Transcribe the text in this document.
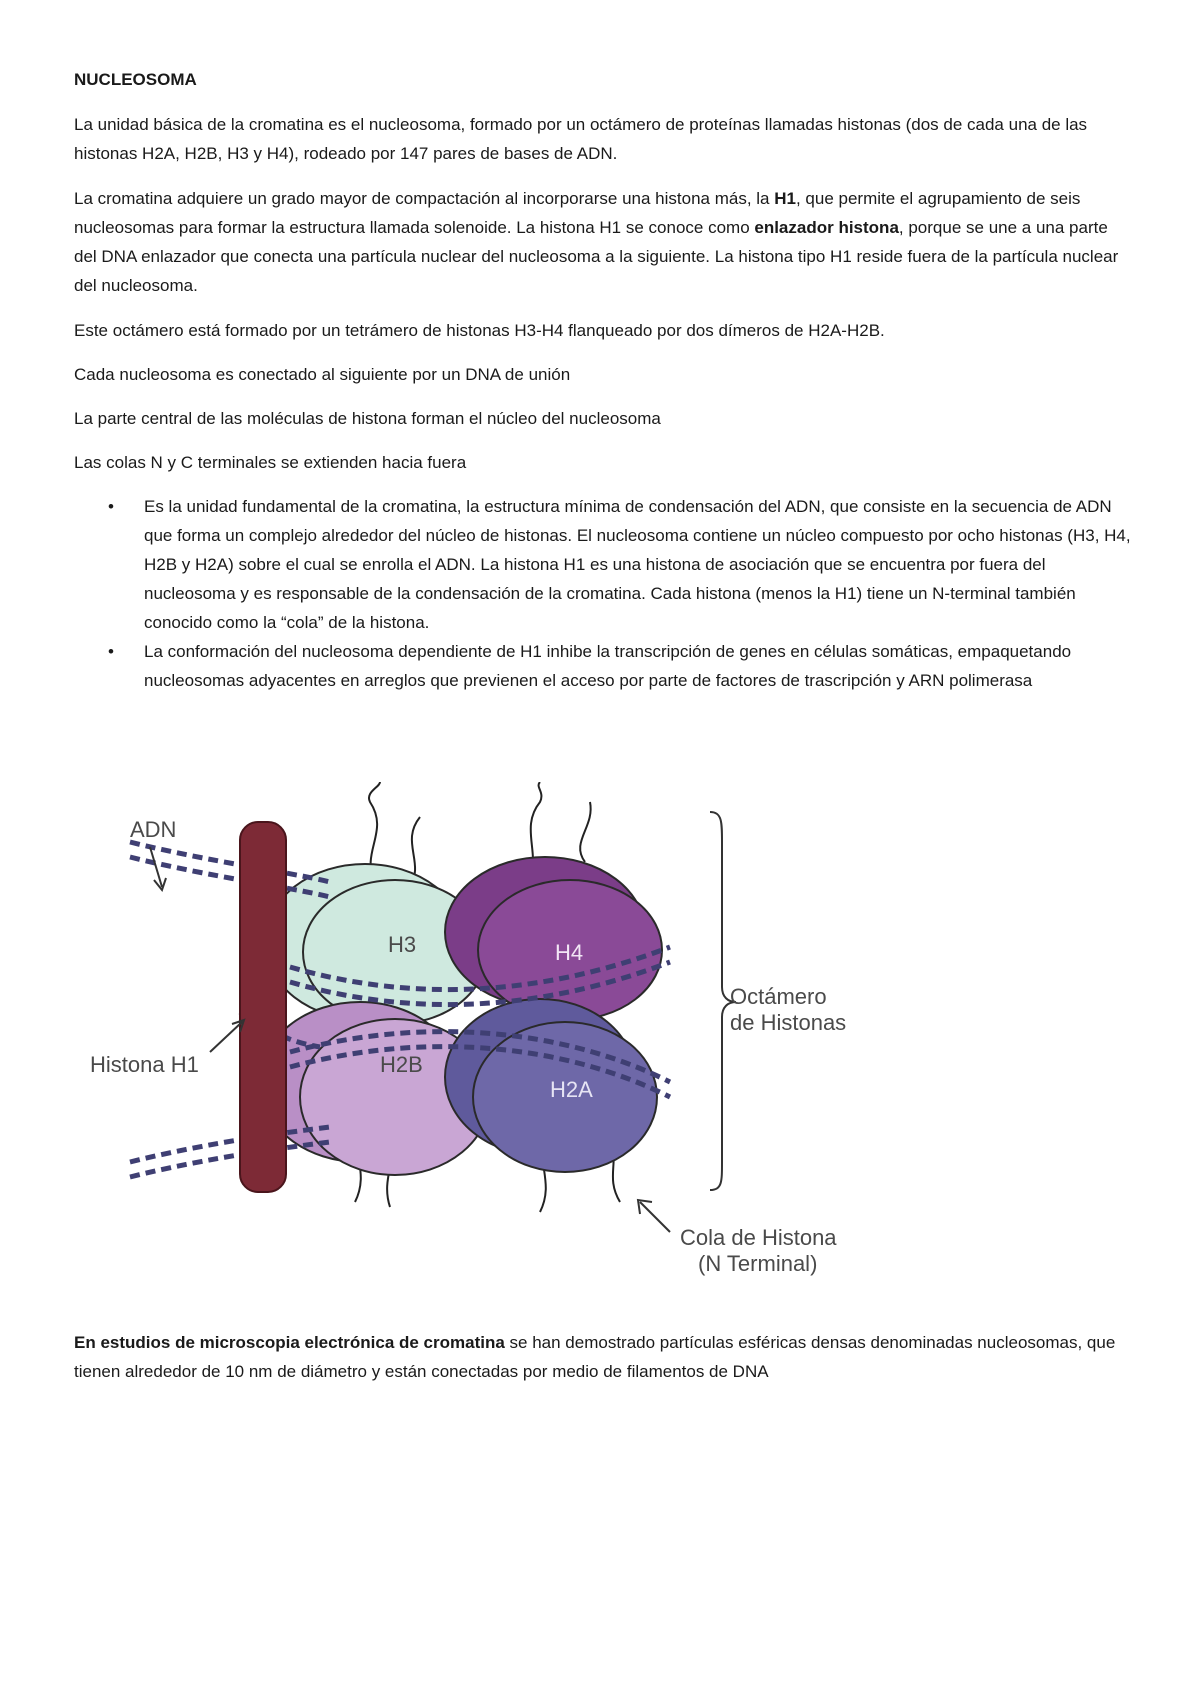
NUCLEOSOMA

La unidad básica de la cromatina es el nucleosoma, formado por un octámero de proteínas llamadas histonas (dos de cada una de las histonas H2A, H2B, H3 y H4), rodeado por 147 pares de bases de ADN.

La cromatina adquiere un grado mayor de compactación al incorporarse una histona más, la H1, que permite el agrupamiento de seis nucleosomas para formar la estructura llamada solenoide. La histona H1 se conoce como enlazador histona, porque se une a una parte del DNA enlazador que conecta una partícula nuclear del nucleosoma a la siguiente. La histona tipo H1 reside fuera de la partícula nuclear del nucleosoma.

Este octámero está formado por un tetrámero de histonas H3-H4 flanqueado por dos dímeros de H2A-H2B.

Cada nucleosoma es conectado al siguiente por un DNA de unión

La parte central de las moléculas de histona forman el núcleo del nucleosoma

Las colas N y C terminales se extienden hacia fuera

• Es la unidad fundamental de la cromatina, la estructura mínima de condensación del ADN, que consiste en la secuencia de ADN que forma un complejo alrededor del núcleo de histonas. El nucleosoma contiene un núcleo compuesto por ocho histonas (H3, H4, H2B y H2A) sobre el cual se enrolla el ADN. La histona H1 es una histona de asociación que se encuentra por fuera del nucleosoma y es responsable de la condensación de la cromatina. Cada histona (menos la H1) tiene un N-terminal también conocido como la “cola” de la histona.
• La conformación del nucleosoma dependiente de H1 inhibe la transcripción de genes en células somáticas, empaquetando nucleosomas adyacentes en arreglos que previenen el acceso por parte de factores de trascripción y ARN polimerasa
ADN
Histona H1
H3	H4
H2B
H2A
Octámero
de Histonas
Cola de Histona
(N Terminal)

En estudios de microscopia electrónica de cromatina se han demostrado partículas esféricas densas denominadas nucleosomas, que tienen alrededor de 10 nm de diámetro y están conectadas por medio de filamentos de DNA
